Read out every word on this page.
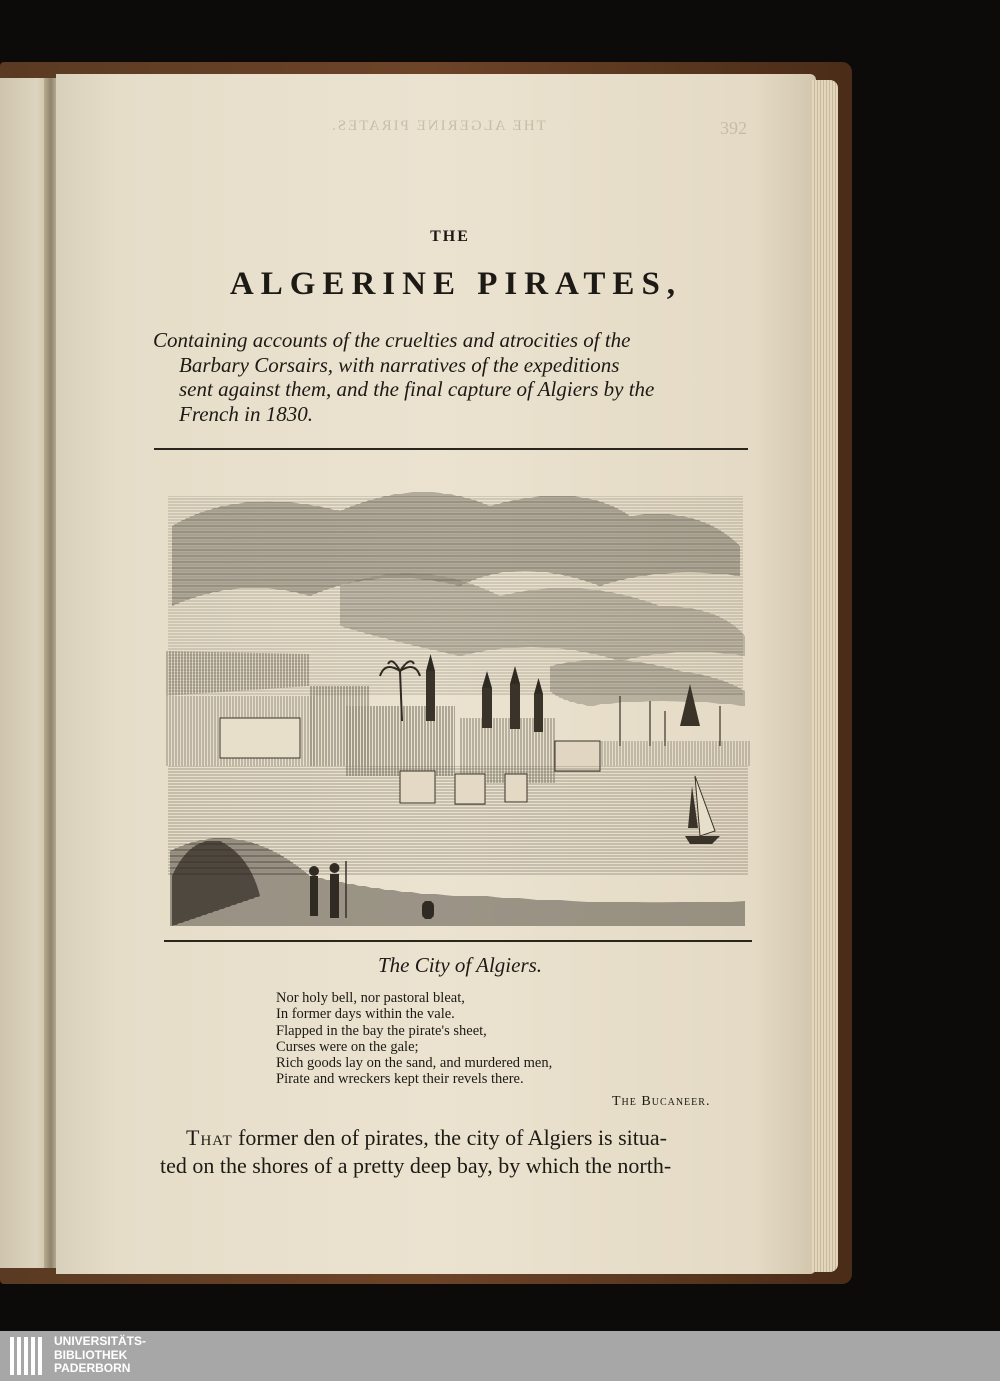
THE ALGERINE PIRATES.	392
THE
ALGERINE PIRATES,
Containing accounts of the cruelties and atrocities of the
Barbary Corsairs, with narratives of the expeditions
sent against them, and the final capture of Algiers by the
French in 1830.
The City of Algiers.
Nor holy bell, nor pastoral bleat,
In former days within the vale.
Flapped in the bay the pirate's sheet,
Curses were on the gale;
Rich goods lay on the sand, and murdered men,
Pirate and wreckers kept their revels there.
The Bucaneer.
That former den of pirates, the city of Algiers is situa-
ted on the shores of a pretty deep bay, by which the north-
UNIVERSITÄTS-
BIBLIOTHEK
PADERBORN
